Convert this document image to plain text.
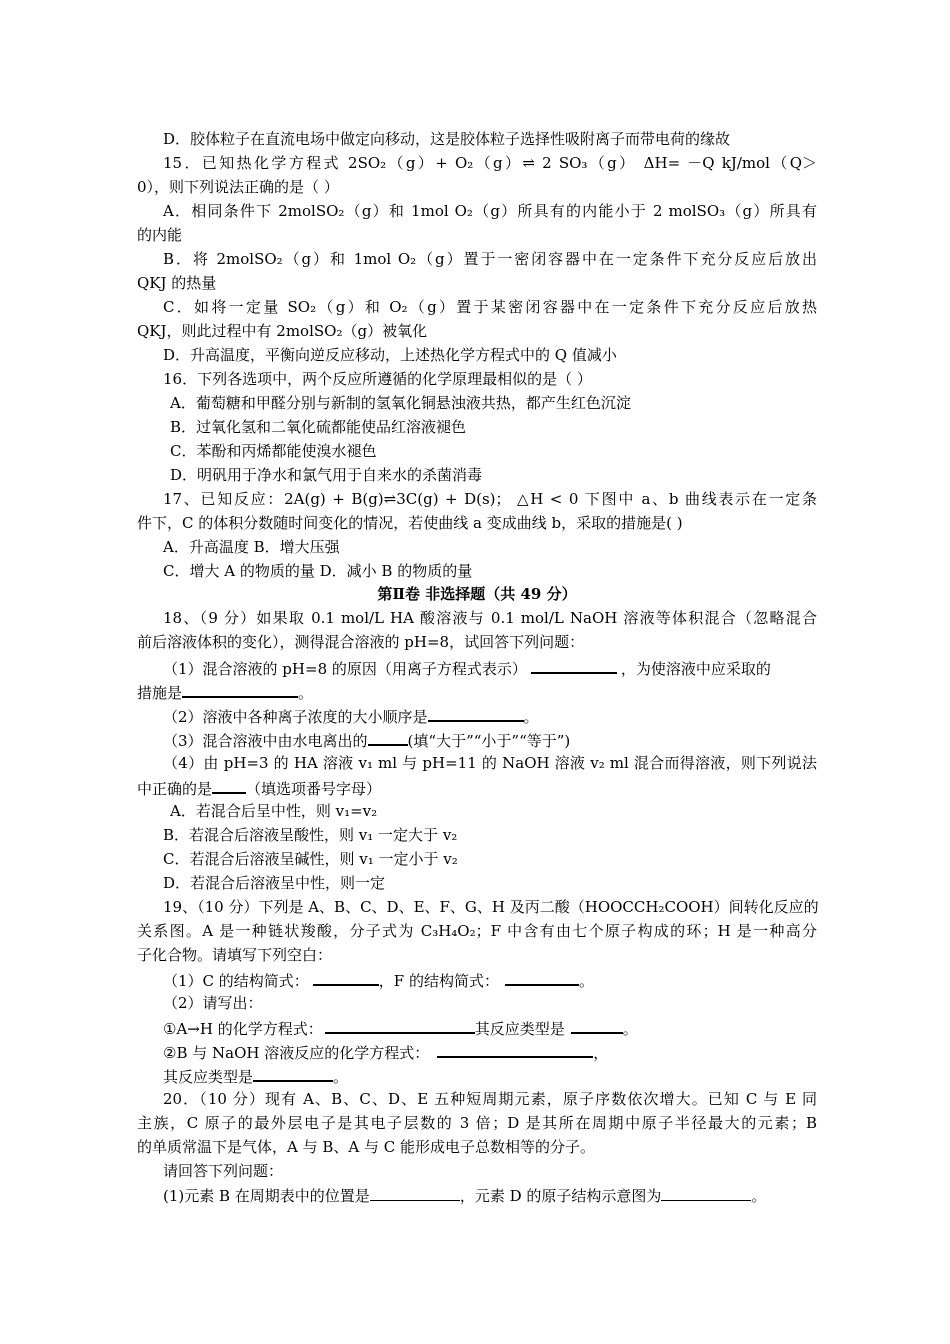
D．胶体粒子在直流电场中做定向移动，这是胶体粒子选择性吸附离子而带电荷的缘故
15．已知热化学方程式 2SO₂（g）+ O₂（g）⇌ 2 SO₃（g） ΔH= －Q kJ/mol（Q＞
0），则下列说法正确的是（ ）
A．相同条件下 2molSO₂（g）和 1mol O₂（g）所具有的内能小于 2 molSO₃（g）所具有
的内能
B．将 2molSO₂（g）和 1mol O₂（g）置于一密闭容器中在一定条件下充分反应后放出
QKJ 的热量
C．如将一定量 SO₂（g）和 O₂（g）置于某密闭容器中在一定条件下充分反应后放热
QKJ，则此过程中有 2molSO₂（g）被氧化
D．升高温度，平衡向逆反应移动，上述热化学方程式中的 Q 值减小
16．下列各选项中，两个反应所遵循的化学原理最相似的是（ ）
A．葡萄糖和甲醛分别与新制的氢氧化铜悬浊液共热，都产生红色沉淀
B．过氧化氢和二氧化硫都能使品红溶液褪色
C．苯酚和丙烯都能使溴水褪色
D．明矾用于净水和氯气用于自来水的杀菌消毒
17、已知反应：2A(g) + B(g)⇌3C(g) + D(s)； △H < 0 下图中 a、b 曲线表示在一定条
件下，C 的体积分数随时间变化的情况，若使曲线 a 变成曲线 b，采取的措施是( )
A．升高温度 B．增大压强
C．增大 A 的物质的量 D．减小 B 的物质的量
第Ⅱ卷 非选择题（共 49 分）
18、（9 分）如果取 0.1 mol/L HA 酸溶液与 0.1 mol/L NaOH 溶液等体积混合（忽略混合
前后溶液体积的变化），测得混合溶液的 pH=8，试回答下列问题：
（1）混合溶液的 pH=8 的原因（用离子方程式表示）	，为使溶液中应采取的
措施是	。
（2）溶液中各种离子浓度的大小顺序是	。
（3）混合溶液中由水电离出的	(填“大于”“小于”“等于”)
（4）由 pH=3 的 HA 溶液 v₁ ml 与 pH=11 的 NaOH 溶液 v₂ ml 混合而得溶液，则下列说法
中正确的是 （填选项番号字母）
A．若混合后呈中性，则 v₁=v₂
B．若混合后溶液呈酸性，则 v₁ 一定大于 v₂
C．若混合后溶液呈碱性，则 v₁ 一定小于 v₂
D．若混合后溶液呈中性，则一定
19、（10 分）下列是 A、B、C、D、E、F、G、H 及丙二酸（HOOCCH₂COOH）间转化反应的
关系图。A 是一种链状羧酸，分子式为 C₃H₄O₂；F 中含有由七个原子构成的环；H 是一种高分
子化合物。请填写下列空白：
（1）C 的结构简式：	，F 的结构简式：	。
（2）请写出：
①A→H 的化学方程式：	其反应类型是	。
②B 与 NaOH 溶液反应的化学方程式：	，
其反应类型是	。
20．（10 分）现有 A、B、C、D、E 五种短周期元素，原子序数依次增大。已知 C 与 E 同
主族，C 原子的最外层电子是其电子层数的 3 倍；D 是其所在周期中原子半径最大的元素；B
的单质常温下是气体，A 与 B、A 与 C 能形成电子总数相等的分子。
请回答下列问题：
(1)元素 B 在周期表中的位置是	，元素 D 的原子结构示意图为	。
